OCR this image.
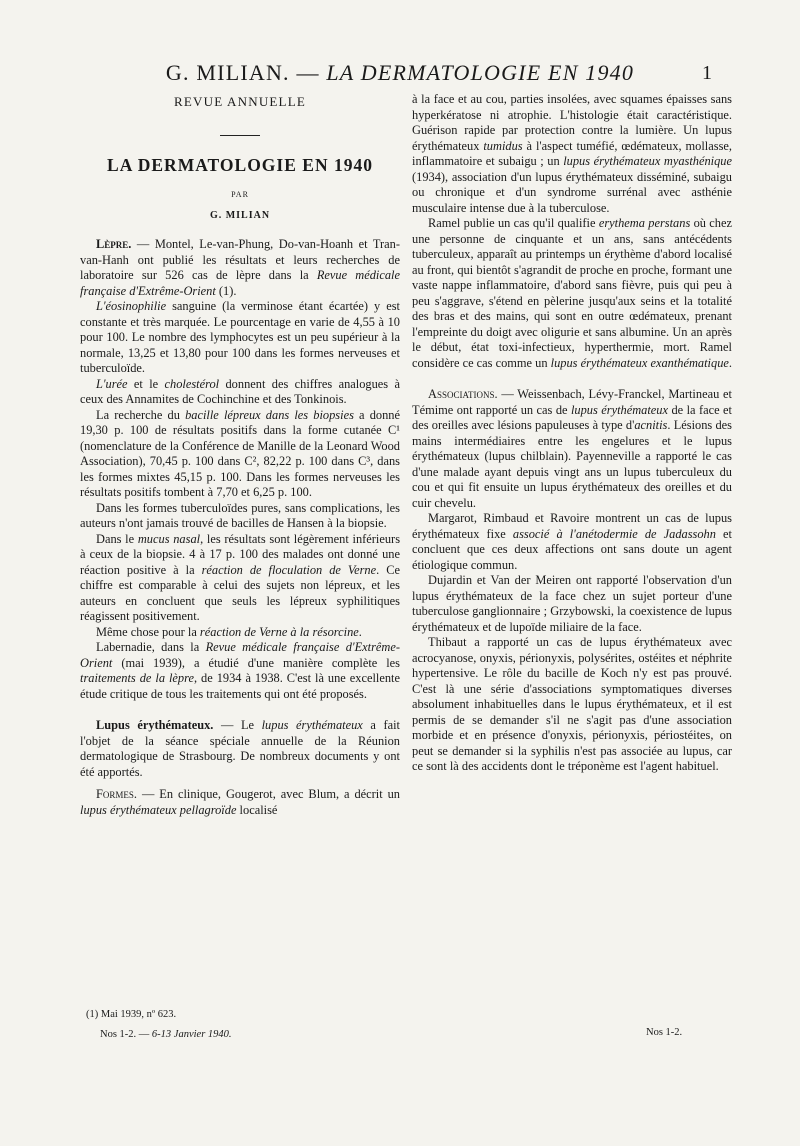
G. MILIAN. — LA DERMATOLOGIE EN 1940	1
REVUE ANNUELLE
LA DERMATOLOGIE EN 1940
PAR
G. MILIAN

Lèpre. — Montel, Le-van-Phung, Do-van-Hoanh et Tran-van-Hanh ont publié les résultats et leurs recherches de laboratoire sur 526 cas de lèpre dans la Revue médicale française d'Extrême-Orient (1).

L'éosinophilie sanguine (la verminose étant écartée) y est constante et très marquée. Le pourcentage en varie de 4,55 à 10 pour 100. Le nombre des lymphocytes est un peu supérieur à la normale, 13,25 et 13,80 pour 100 dans les formes nerveuses et tuberculoïde.

L'urée et le cholestérol donnent des chiffres analogues à ceux des Annamites de Cochinchine et des Tonkinois.

La recherche du bacille lépreux dans les biopsies a donné 19,30 p. 100 de résultats positifs dans la forme cutanée C¹ (nomenclature de la Conférence de Manille de la Leonard Wood Association), 70,45 p. 100 dans C², 82,22 p. 100 dans C³, dans les formes mixtes 45,15 p. 100. Dans les formes nerveuses les résultats positifs tombent à 7,70 et 6,25 p. 100.

Dans les formes tuberculoïdes pures, sans complications, les auteurs n'ont jamais trouvé de bacilles de Hansen à la biopsie.

Dans le mucus nasal, les résultats sont légèrement inférieurs à ceux de la biopsie. 4 à 17 p. 100 des malades ont donné une réaction positive à la réaction de floculation de Verne. Ce chiffre est comparable à celui des sujets non lépreux, et les auteurs en concluent que seuls les lépreux syphilitiques réagissent positivement.

Même chose pour la réaction de Verne à la résorcine.

Labernadie, dans la Revue médicale française d'Extrême-Orient (mai 1939), a étudié d'une manière complète les traitements de la lèpre, de 1934 à 1938. C'est là une excellente étude critique de tous les traitements qui ont été proposés.

Lupus érythémateux. — Le lupus érythémateux a fait l'objet de la séance spéciale annuelle de la Réunion dermatologique de Strasbourg. De nombreux documents y ont été apportés.

Formes. — En clinique, Gougerot, avec Blum, a décrit un lupus érythémateux pellagroïde localisé

à la face et au cou, parties insolées, avec squames épaisses sans hyperkératose ni atrophie. L'histologie était caractéristique. Guérison rapide par protection contre la lumière. Un lupus érythémateux tumidus à l'aspect tuméfié, œdémateux, mollasse, inflammatoire et subaigu ; un lupus érythémateux myasthénique (1934), association d'un lupus érythémateux disséminé, subaigu ou chronique et d'un syndrome surrénal avec asthénie musculaire intense due à la tuberculose.

Ramel publie un cas qu'il qualifie erythema perstans où chez une personne de cinquante et un ans, sans antécédents tuberculeux, apparaît au printemps un érythème d'abord localisé au front, qui bientôt s'agrandit de proche en proche, formant une vaste nappe inflammatoire, d'abord sans fièvre, puis qui peu à peu s'aggrave, s'étend en pèlerine jusqu'aux seins et la totalité des bras et des mains, qui sont en outre œdémateux, prenant l'empreinte du doigt avec oligurie et sans albumine. Un an après le début, état toxi-infectieux, hyperthermie, mort. Ramel considère ce cas comme un lupus érythémateux exanthématique.

Associations. — Weissenbach, Lévy-Franckel, Martineau et Témime ont rapporté un cas de lupus érythémateux de la face et des oreilles avec lésions papuleuses à type d'acnitis. Lésions des mains intermédiaires entre les engelures et le lupus érythémateux (lupus chilblain). Payenneville a rapporté le cas d'une malade ayant depuis vingt ans un lupus tuberculeux du cou et qui fit ensuite un lupus érythémateux des oreilles et du cuir chevelu.

Margarot, Rimbaud et Ravoire montrent un cas de lupus érythémateux fixe associé à l'anétodermie de Jadassohn et concluent que ces deux affections ont sans doute un agent étiologique commun.

Dujardin et Van der Meiren ont rapporté l'observation d'un lupus érythémateux de la face chez un sujet porteur d'une tuberculose ganglionnaire ; Grzybowski, la coexistence de lupus érythémateux et de lupoïde miliaire de la face.

Thibaut a rapporté un cas de lupus érythémateux avec acrocyanose, onyxis, périonyxis, polysérites, ostéites et néphrite hypertensive. Le rôle du bacille de Koch n'y est pas prouvé. C'est là une série d'associations symptomatiques diverses absolument inhabituelles dans le lupus érythémateux, et il est permis de se demander s'il ne s'agit pas d'une association morbide et en présence d'onyxis, périonyxis, périostéites, on peut se demander si la syphilis n'est pas associée au lupus, car ce sont là des accidents dont le tréponème est l'agent habituel.

(1) Mai 1939, nº 623.
Nos 1-2. — 6-13 Janvier 1940.	Nos 1-2.
